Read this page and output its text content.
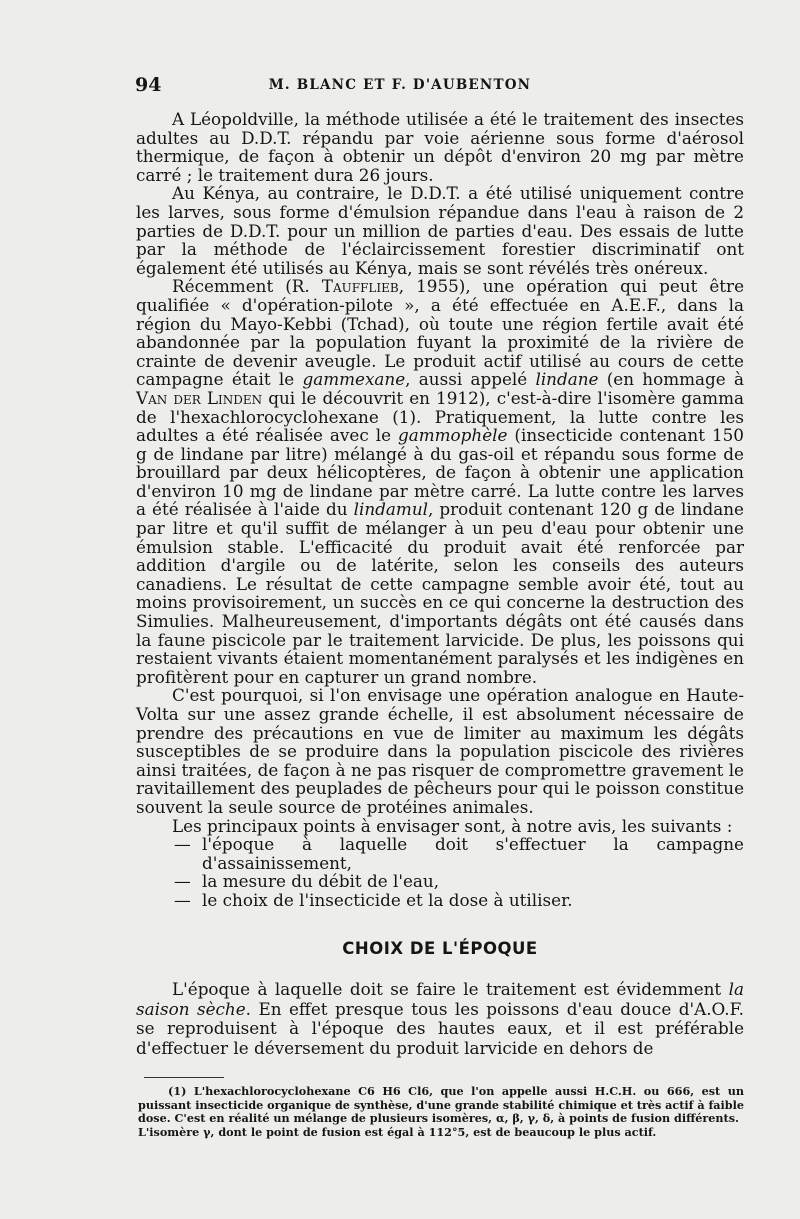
94	M. BLANC ET F. D'AUBENTON

A Léopoldville, la méthode utilisée a été le traitement des insectes adultes au D.D.T. répandu par voie aérienne sous forme d'aérosol thermique, de façon à obtenir un dépôt d'environ 20 mg par mètre carré ; le traitement dura 26 jours.

Au Kénya, au contraire, le D.D.T. a été utilisé uniquement contre les larves, sous forme d'émulsion répandue dans l'eau à raison de 2 parties de D.D.T. pour un million de parties d'eau. Des essais de lutte par la méthode de l'éclaircissement forestier discriminatif ont également été utilisés au Kénya, mais se sont révélés très onéreux.

Récemment (R. Taufflieb, 1955), une opération qui peut être qualifiée « d'opération-pilote », a été effectuée en A.E.F., dans la région du Mayo-Kebbi (Tchad), où toute une région fertile avait été abandonnée par la population fuyant la proximité de la rivière de crainte de devenir aveugle. Le produit actif utilisé au cours de cette campagne était le gammexane, aussi appelé lindane (en hommage à Van der Linden qui le découvrit en 1912), c'est-à-dire l'isomère gamma de l'hexachlorocyclohexane (1). Pratiquement, la lutte contre les adultes a été réalisée avec le gammophèle (insecticide contenant 150 g de lindane par litre) mélangé à du gas-oil et répandu sous forme de brouillard par deux hélicoptères, de façon à obtenir une application d'environ 10 mg de lindane par mètre carré. La lutte contre les larves a été réalisée à l'aide du lindamul, produit contenant 120 g de lindane par litre et qu'il suffit de mélanger à un peu d'eau pour obtenir une émulsion stable. L'efficacité du produit avait été renforcée par addition d'argile ou de latérite, selon les conseils des auteurs canadiens. Le résultat de cette campagne semble avoir été, tout au moins provisoirement, un succès en ce qui concerne la destruction des Simulies. Malheureusement, d'importants dégâts ont été causés dans la faune piscicole par le traitement larvicide. De plus, les poissons qui restaient vivants étaient momentanément paralysés et les indigènes en profitèrent pour en capturer un grand nombre.

C'est pourquoi, si l'on envisage une opération analogue en Haute-Volta sur une assez grande échelle, il est absolument nécessaire de prendre des précautions en vue de limiter au maximum les dégâts susceptibles de se produire dans la population piscicole des rivières ainsi traitées, de façon à ne pas risquer de compromettre gravement le ravitaillement des peuplades de pêcheurs pour qui le poisson constitue souvent la seule source de protéines animales.

Les principaux points à envisager sont, à notre avis, les suivants :

— l'époque à laquelle doit s'effectuer la campagne d'assainissement,
— la mesure du débit de l'eau,
— le choix de l'insecticide et la dose à utiliser.
CHOIX DE L'ÉPOQUE

L'époque à laquelle doit se faire le traitement est évidemment la saison sèche. En effet presque tous les poissons d'eau douce d'A.O.F. se reproduisent à l'époque des hautes eaux, et il est préférable d'effectuer le déversement du produit larvicide en dehors de

(1) L'hexachlorocyclohexane C6 H6 Cl6, que l'on appelle aussi H.C.H. ou 666, est un puissant insecticide organique de synthèse, d'une grande stabilité chimique et très actif à faible dose. C'est en réalité un mélange de plusieurs isomères, α, β, γ, δ, à points de fusion différents.

L'isomère γ, dont le point de fusion est égal à 112°5, est de beaucoup le plus actif.
